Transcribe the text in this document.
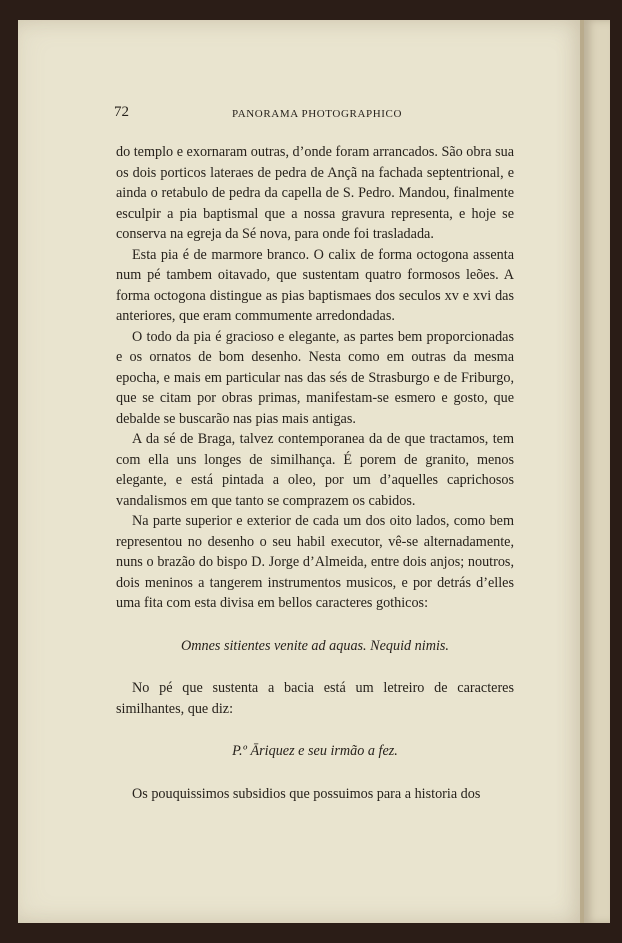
72	PANORAMA PHOTOGRAPHICO

do templo e exornaram outras, d’onde foram arrancados. São obra sua os dois porticos lateraes de pedra de Ançã na fachada septentrional, e ainda o retabulo de pedra da capella de S. Pedro. Mandou, finalmente esculpir a pia baptismal que a nossa gravura representa, e hoje se conserva na egreja da Sé nova, para onde foi trasladada.

Esta pia é de marmore branco. O calix de forma octogona assenta num pé tambem oitavado, que sustentam quatro formosos leões. A forma octogona distingue as pias baptismaes dos seculos xv e xvi das anteriores, que eram commumente arredondadas.

O todo da pia é gracioso e elegante, as partes bem proporcionadas e os ornatos de bom desenho. Nesta como em outras da mesma epocha, e mais em particular nas das sés de Strasburgo e de Friburgo, que se citam por obras primas, manifestam-se esmero e gosto, que debalde se buscarão nas pias mais antigas.

A da sé de Braga, talvez contemporanea da de que tractamos, tem com ella uns longes de similhança. É porem de granito, menos elegante, e está pintada a oleo, por um d’aquelles caprichosos vandalismos em que tanto se comprazem os cabidos.

Na parte superior e exterior de cada um dos oito lados, como bem representou no desenho o seu habil executor, vê-se alternadamente, nuns o brazão do bispo D. Jorge d’Almeida, entre dois anjos; noutros, dois meninos a tangerem instrumentos musicos, e por detrás d’elles uma fita com esta divisa em bellos caracteres gothicos:

Omnes sitientes venite ad aquas. Nequid nimis.

No pé que sustenta a bacia está um letreiro de caracteres similhantes, que diz:

P.º Āriquez e seu irmão a fez.

Os pouquissimos subsidios que possuimos para a historia dos
